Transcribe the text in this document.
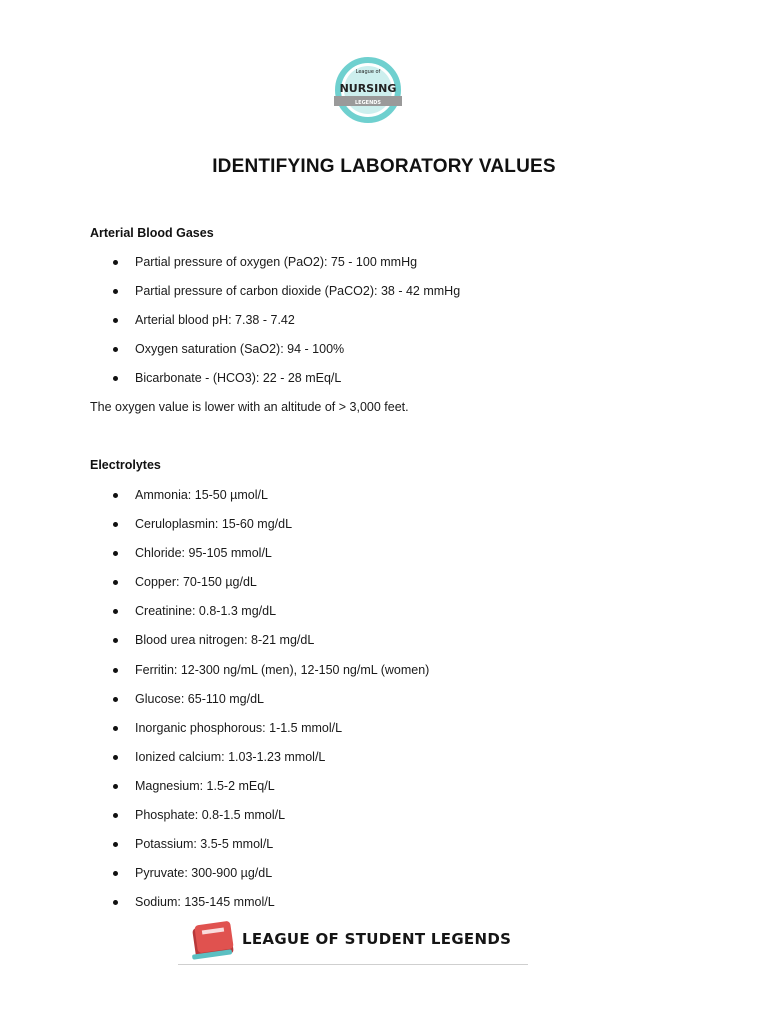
League of
NURSING
LEGENDS
IDENTIFYING LABORATORY VALUES
Arterial Blood Gases
Partial pressure of oxygen (PaO2): 75 - 100 mmHg
Partial pressure of carbon dioxide (PaCO2): 38 - 42 mmHg
Arterial blood pH: 7.38 - 7.42
Oxygen saturation (SaO2): 94 - 100%
Bicarbonate - (HCO3): 22 - 28 mEq/L
The oxygen value is lower with an altitude of > 3,000 feet.
Electrolytes
Ammonia: 15-50 µmol/L
Ceruloplasmin: 15-60 mg/dL
Chloride: 95-105 mmol/L
Copper: 70-150 µg/dL
Creatinine: 0.8-1.3 mg/dL
Blood urea nitrogen: 8-21 mg/dL
Ferritin: 12-300 ng/mL (men), 12-150 ng/mL (women)
Glucose: 65-110 mg/dL
Inorganic phosphorous: 1-1.5 mmol/L
Ionized calcium: 1.03-1.23 mmol/L
Magnesium: 1.5-2 mEq/L
Phosphate: 0.8-1.5 mmol/L
Potassium: 3.5-5 mmol/L
Pyruvate: 300-900 µg/dL
Sodium: 135-145 mmol/L
LEAGUE OF STUDENT LEGENDS
